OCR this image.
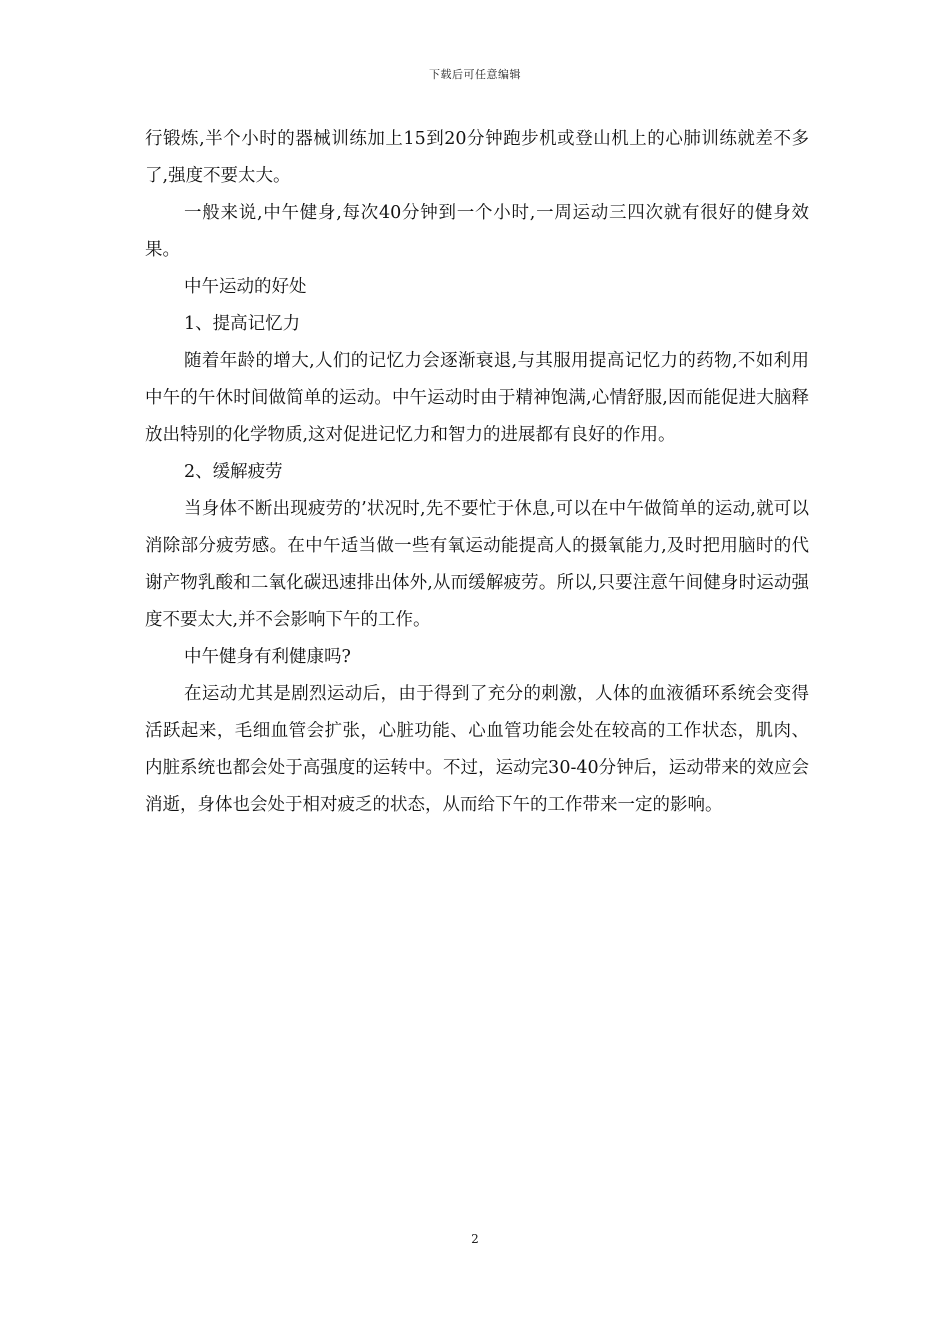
下载后可任意编辑

行锻炼,半个小时的器械训练加上15到20分钟跑步机或登山机上的心肺训练就差不多了,强度不要太大。

一般来说,中午健身,每次40分钟到一个小时,一周运动三四次就有很好的健身效果。

中午运动的好处

1、提高记忆力

随着年龄的增大,人们的记忆力会逐渐衰退,与其服用提高记忆力的药物,不如利用中午的午休时间做简单的运动。中午运动时由于精神饱满,心情舒服,因而能促进大脑释放出特别的化学物质,这对促进记忆力和智力的进展都有良好的作用。

2、缓解疲劳

当身体不断出现疲劳的’状况时,先不要忙于休息,可以在中午做简单的运动,就可以消除部分疲劳感。在中午适当做一些有氧运动能提高人的摄氧能力,及时把用脑时的代谢产物乳酸和二氧化碳迅速排出体外,从而缓解疲劳。所以,只要注意午间健身时运动强度不要太大,并不会影响下午的工作。

中午健身有利健康吗?

在运动尤其是剧烈运动后，由于得到了充分的刺激，人体的血液循环系统会变得活跃起来，毛细血管会扩张，心脏功能、心血管功能会处在较高的工作状态，肌肉、内脏系统也都会处于高强度的运转中。不过，运动完30-40分钟后，运动带来的效应会消逝，身体也会处于相对疲乏的状态，从而给下午的工作带来一定的影响。

2
